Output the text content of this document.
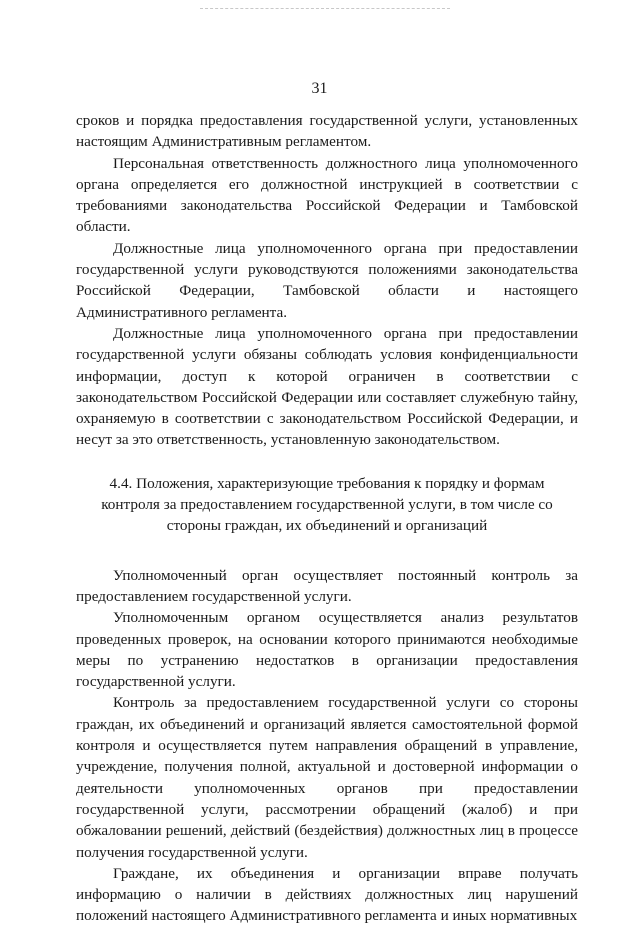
31

сроков и порядка предоставления государственной услуги, установленных настоящим Административным регламентом.

Персональная ответственность должностного лица уполномоченного органа определяется его должностной инструкцией в соответствии с требованиями законодательства Российской Федерации и Тамбовской области.

Должностные лица уполномоченного органа при предоставлении государственной услуги руководствуются положениями законодательства Российской Федерации, Тамбовской области и настоящего Административного регламента.

Должностные лица уполномоченного органа при предоставлении государственной услуги обязаны соблюдать условия конфиденциальности информации, доступ к которой ограничен в соответствии с законодательством Российской Федерации или составляет служебную тайну, охраняемую в соответствии с законодательством Российской Федерации, и несут за это ответственность, установленную законодательством.

4.4. Положения, характеризующие требования к порядку и формам контроля за предоставлением государственной услуги, в том числе со стороны граждан, их объединений и организаций

Уполномоченный орган осуществляет постоянный контроль за предоставлением государственной услуги.

Уполномоченным органом осуществляется анализ результатов проведенных проверок, на основании которого принимаются необходимые меры по устранению недостатков в организации предоставления государственной услуги.

Контроль за предоставлением государственной услуги со стороны граждан, их объединений и организаций является самостоятельной формой контроля и осуществляется путем направления обращений в управление, учреждение, получения полной, актуальной и достоверной информации о деятельности уполномоченных органов при предоставлении государственной услуги, рассмотрении обращений (жалоб) и при обжаловании решений, действий (бездействия) должностных лиц в процессе получения государственной услуги.

Граждане, их объединения и организации вправе получать информацию о наличии в действиях должностных лиц нарушений положений настоящего Административного регламента и иных нормативных
